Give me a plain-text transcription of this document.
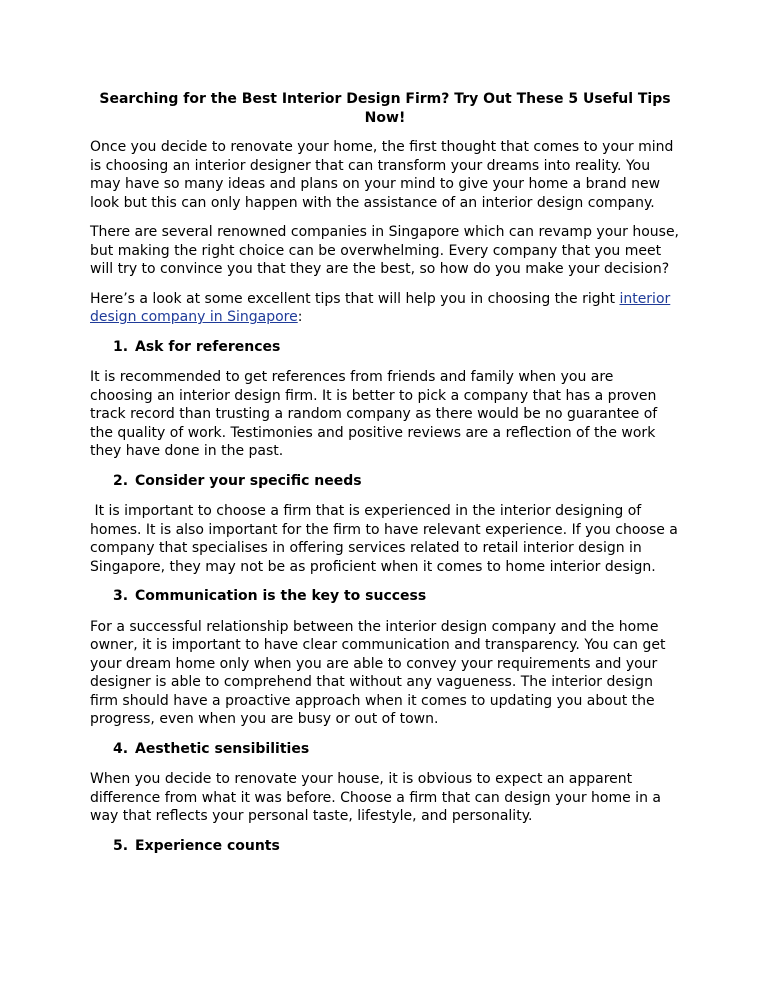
Searching for the Best Interior Design Firm? Try Out These 5 Useful Tips Now!

Once you decide to renovate your home, the first thought that comes to your mind is choosing an interior designer that can transform your dreams into reality. You may have so many ideas and plans on your mind to give your home a brand new look but this can only happen with the assistance of an interior design company.

There are several renowned companies in Singapore which can revamp your house, but making the right choice can be overwhelming. Every company that you meet will try to convince you that they are the best, so how do you make your decision?

Here’s a look at some excellent tips that will help you in choosing the right interior design company in Singapore:

1. Ask for references

It is recommended to get references from friends and family when you are choosing an interior design firm. It is better to pick a company that has a proven track record than trusting a random company as there would be no guarantee of the quality of work. Testimonies and positive reviews are a reflection of the work they have done in the past.

2. Consider your specific needs

It is important to choose a firm that is experienced in the interior designing of homes. It is also important for the firm to have relevant experience. If you choose a company that specialises in offering services related to retail interior design in Singapore, they may not be as proficient when it comes to home interior design.

3. Communication is the key to success

For a successful relationship between the interior design company and the home owner, it is important to have clear communication and transparency. You can get your dream home only when you are able to convey your requirements and your designer is able to comprehend that without any vagueness. The interior design firm should have a proactive approach when it comes to updating you about the progress, even when you are busy or out of town.

4. Aesthetic sensibilities

When you decide to renovate your house, it is obvious to expect an apparent difference from what it was before. Choose a firm that can design your home in a way that reflects your personal taste, lifestyle, and personality.

5. Experience counts
